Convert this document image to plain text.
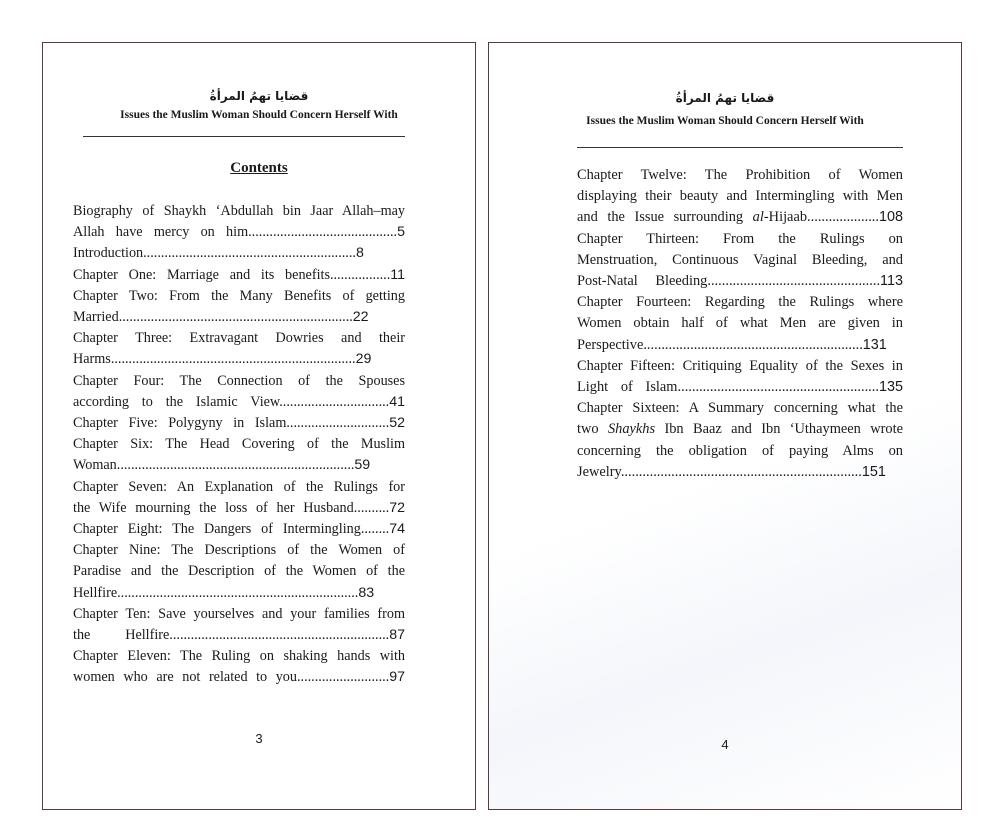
قضايا تهمُ المرأةُ
Issues the Muslim Woman Should Concern Herself With
Contents

Biography of Shaykh ‘Abdullah bin Jaar Allah–may

Allah have mercy on him..........................................5

Introduction............................................................8

Chapter One: Marriage and its benefits.................11

Chapter Two: From the Many Benefits of getting

Married..................................................................22

Chapter Three: Extravagant Dowries and their

Harms.....................................................................29

Chapter Four: The Connection of the Spouses

according to the Islamic View...............................41

Chapter Five: Polygyny in Islam.............................52

Chapter Six: The Head Covering of the Muslim

Woman...................................................................59

Chapter Seven: An Explanation of the Rulings for

the Wife mourning the loss of her Husband..........72

Chapter Eight: The Dangers of Intermingling........74

Chapter Nine: The Descriptions of the Women of

Paradise and the Description of the Women of the

Hellfire....................................................................83

Chapter Ten: Save yourselves and your families from

the Hellfire..............................................................87

Chapter Eleven: The Ruling on shaking hands with

women who are not related to you..........................97

3
قضايا تهمُ المرأةُ
Issues the Muslim Woman Should Concern Herself With

Chapter Twelve: The Prohibition of Women

displaying their beauty and Intermingling with Men

and the Issue surrounding al-Hijaab....................108

Chapter Thirteen: From the Rulings on

Menstruation, Continuous Vaginal Bleeding, and

Post-Natal Bleeding................................................113

Chapter Fourteen: Regarding the Rulings where

Women obtain half of what Men are given in

Perspective.............................................................131

Chapter Fifteen: Critiquing Equality of the Sexes in

Light of Islam........................................................135

Chapter Sixteen: A Summary concerning what the

two Shaykhs Ibn Baaz and Ibn ‘Uthaymeen wrote

concerning the obligation of paying Alms on

Jewelry...................................................................151

4
